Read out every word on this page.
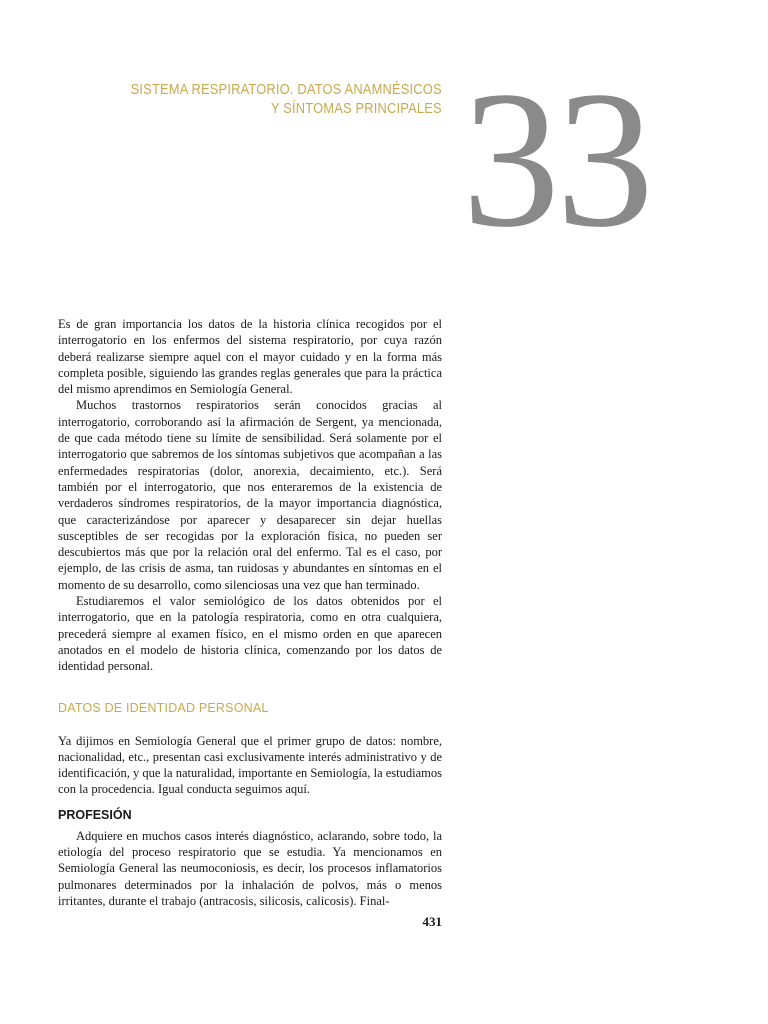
SISTEMA RESPIRATORIO. DATOS ANAMNÉSICOS
Y SÍNTOMAS PRINCIPALES 33

Es de gran importancia los datos de la historia clínica recogidos por el interrogatorio en los enfermos del sistema respiratorio, por cuya razón deberá realizarse siempre aquel con el mayor cuidado y en la forma más completa posible, siguiendo las grandes reglas generales que para la práctica del mismo aprendimos en Semiología General.

Muchos trastornos respiratorios serán conocidos gracias al interrogatorio, corroborando así la afirmación de Sergent, ya mencionada, de que cada método tiene su límite de sensibilidad. Será solamente por el interrogatorio que sabremos de los síntomas subjetivos que acompañan a las enfermedades respiratorias (dolor, anorexia, decaimiento, etc.). Será también por el interrogatorio, que nos enteraremos de la existencia de verdaderos síndromes respiratorios, de la mayor importancia diagnóstica, que caracterizándose por aparecer y desaparecer sin dejar huellas susceptibles de ser recogidas por la exploración física, no pueden ser descubiertos más que por la relación oral del enfermo. Tal es el caso, por ejemplo, de las crisis de asma, tan ruidosas y abundantes en síntomas en el momento de su desarrollo, como silenciosas una vez que han terminado.

Estudiaremos el valor semiológico de los datos obtenidos por el interrogatorio, que en la patología respiratoria, como en otra cualquiera, precederá siempre al examen físico, en el mismo orden en que aparecen anotados en el modelo de historia clínica, comenzando por los datos de identidad personal.

DATOS DE IDENTIDAD PERSONAL

Ya dijimos en Semiología General que el primer grupo de datos: nombre, nacionalidad, etc., presentan casi exclusivamente interés administrativo y de identificación, y que la naturalidad, importante en Semiología, la estudiamos con la procedencia. Igual conducta seguimos aquí.

PROFESIÓN

Adquiere en muchos casos interés diagnóstico, aclarando, sobre todo, la etiología del proceso respiratorio que se estudia. Ya mencionamos en Semiología General las neumoconiosis, es decir, los procesos inflamatorios pulmonares determinados por la inhalación de polvos, más o menos irritantes, durante el trabajo (antracosis, silicosis, calicosis). Final-

431
